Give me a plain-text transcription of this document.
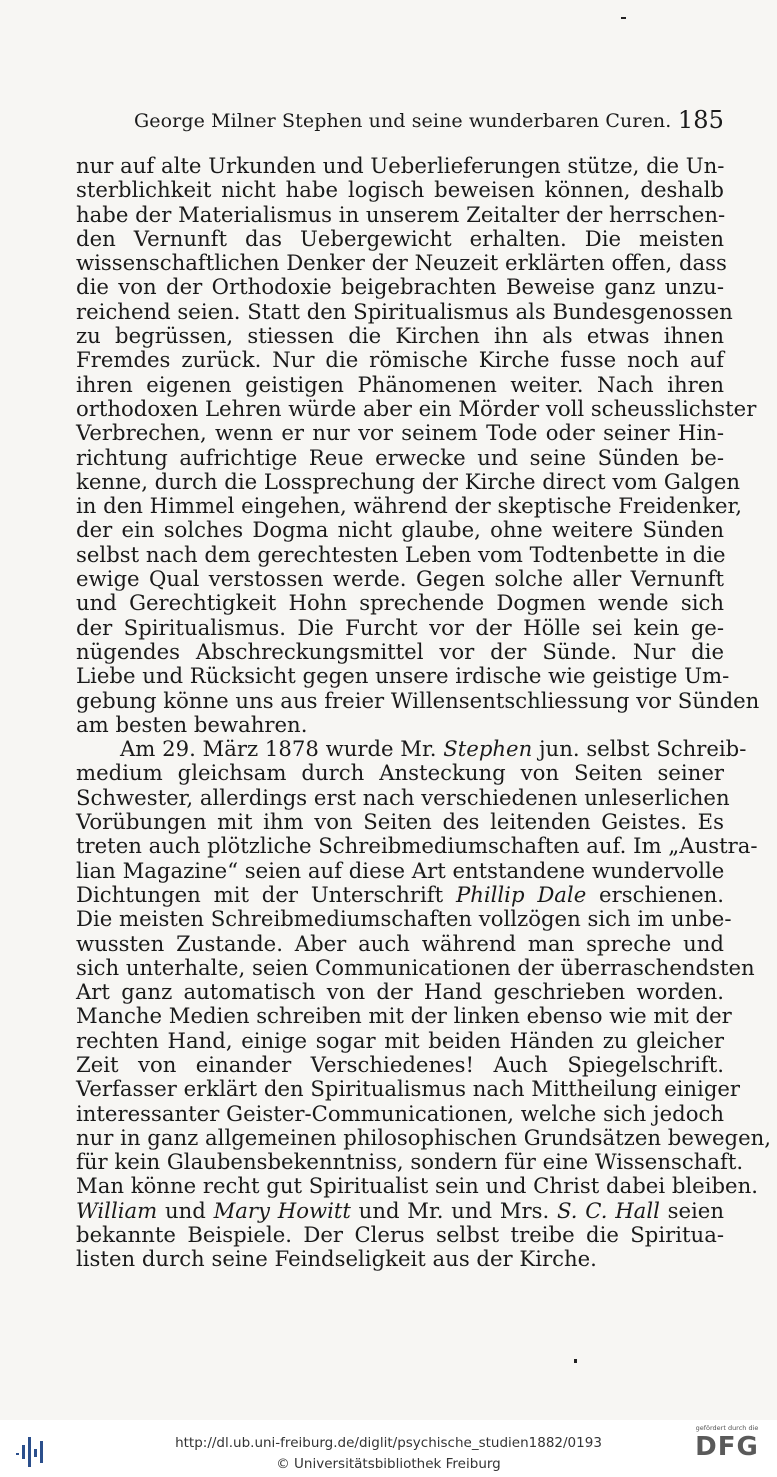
George Milner Stephen und seine wunderbaren Curen. 185
nur auf alte Urkunden und Ueberlieferungen stütze, die Un-
sterblichkeit nicht habe logisch beweisen können, deshalb
habe der Materialismus in unserem Zeitalter der herrschen-
den Vernunft das Uebergewicht erhalten. Die meisten
wissenschaftlichen Denker der Neuzeit erklärten offen, dass
die von der Orthodoxie beigebrachten Beweise ganz unzu-
reichend seien. Statt den Spiritualismus als Bundesgenossen
zu begrüssen, stiessen die Kirchen ihn als etwas ihnen
Fremdes zurück. Nur die römische Kirche fusse noch auf
ihren eigenen geistigen Phänomenen weiter. Nach ihren
orthodoxen Lehren würde aber ein Mörder voll scheusslichster
Verbrechen, wenn er nur vor seinem Tode oder seiner Hin-
richtung aufrichtige Reue erwecke und seine Sünden be-
kenne, durch die Lossprechung der Kirche direct vom Galgen
in den Himmel eingehen, während der skeptische Freidenker,
der ein solches Dogma nicht glaube, ohne weitere Sünden
selbst nach dem gerechtesten Leben vom Todtenbette in die
ewige Qual verstossen werde. Gegen solche aller Vernunft
und Gerechtigkeit Hohn sprechende Dogmen wende sich
der Spiritualismus. Die Furcht vor der Hölle sei kein ge-
nügendes Abschreckungsmittel vor der Sünde. Nur die
Liebe und Rücksicht gegen unsere irdische wie geistige Um-
gebung könne uns aus freier Willensentschliessung vor Sünden
am besten bewahren.
Am 29. März 1878 wurde Mr. Stephen jun. selbst Schreib-
medium gleichsam durch Ansteckung von Seiten seiner
Schwester, allerdings erst nach verschiedenen unleserlichen
Vorübungen mit ihm von Seiten des leitenden Geistes. Es
treten auch plötzliche Schreibmediumschaften auf. Im „Austra-
lian Magazine“ seien auf diese Art entstandene wundervolle
Dichtungen mit der Unterschrift Phillip Dale erschienen.
Die meisten Schreibmediumschaften vollzögen sich im unbe-
wussten Zustande. Aber auch während man spreche und
sich unterhalte, seien Communicationen der überraschendsten
Art ganz automatisch von der Hand geschrieben worden.
Manche Medien schreiben mit der linken ebenso wie mit der
rechten Hand, einige sogar mit beiden Händen zu gleicher
Zeit von einander Verschiedenes! Auch Spiegelschrift.
Verfasser erklärt den Spiritualismus nach Mittheilung einiger
interessanter Geister-Communicationen, welche sich jedoch
nur in ganz allgemeinen philosophischen Grundsätzen bewegen,
für kein Glaubensbekenntniss, sondern für eine Wissenschaft.
Man könne recht gut Spiritualist sein und Christ dabei bleiben.
William und Mary Howitt und Mr. und Mrs. S. C. Hall seien
bekannte Beispiele. Der Clerus selbst treibe die Spiritua-
listen durch seine Feindseligkeit aus der Kirche.
http://dl.ub.uni-freiburg.de/diglit/psychische_studien1882/0193
© Universitätsbibliothek Freiburg
gefördert durch die
DFG
